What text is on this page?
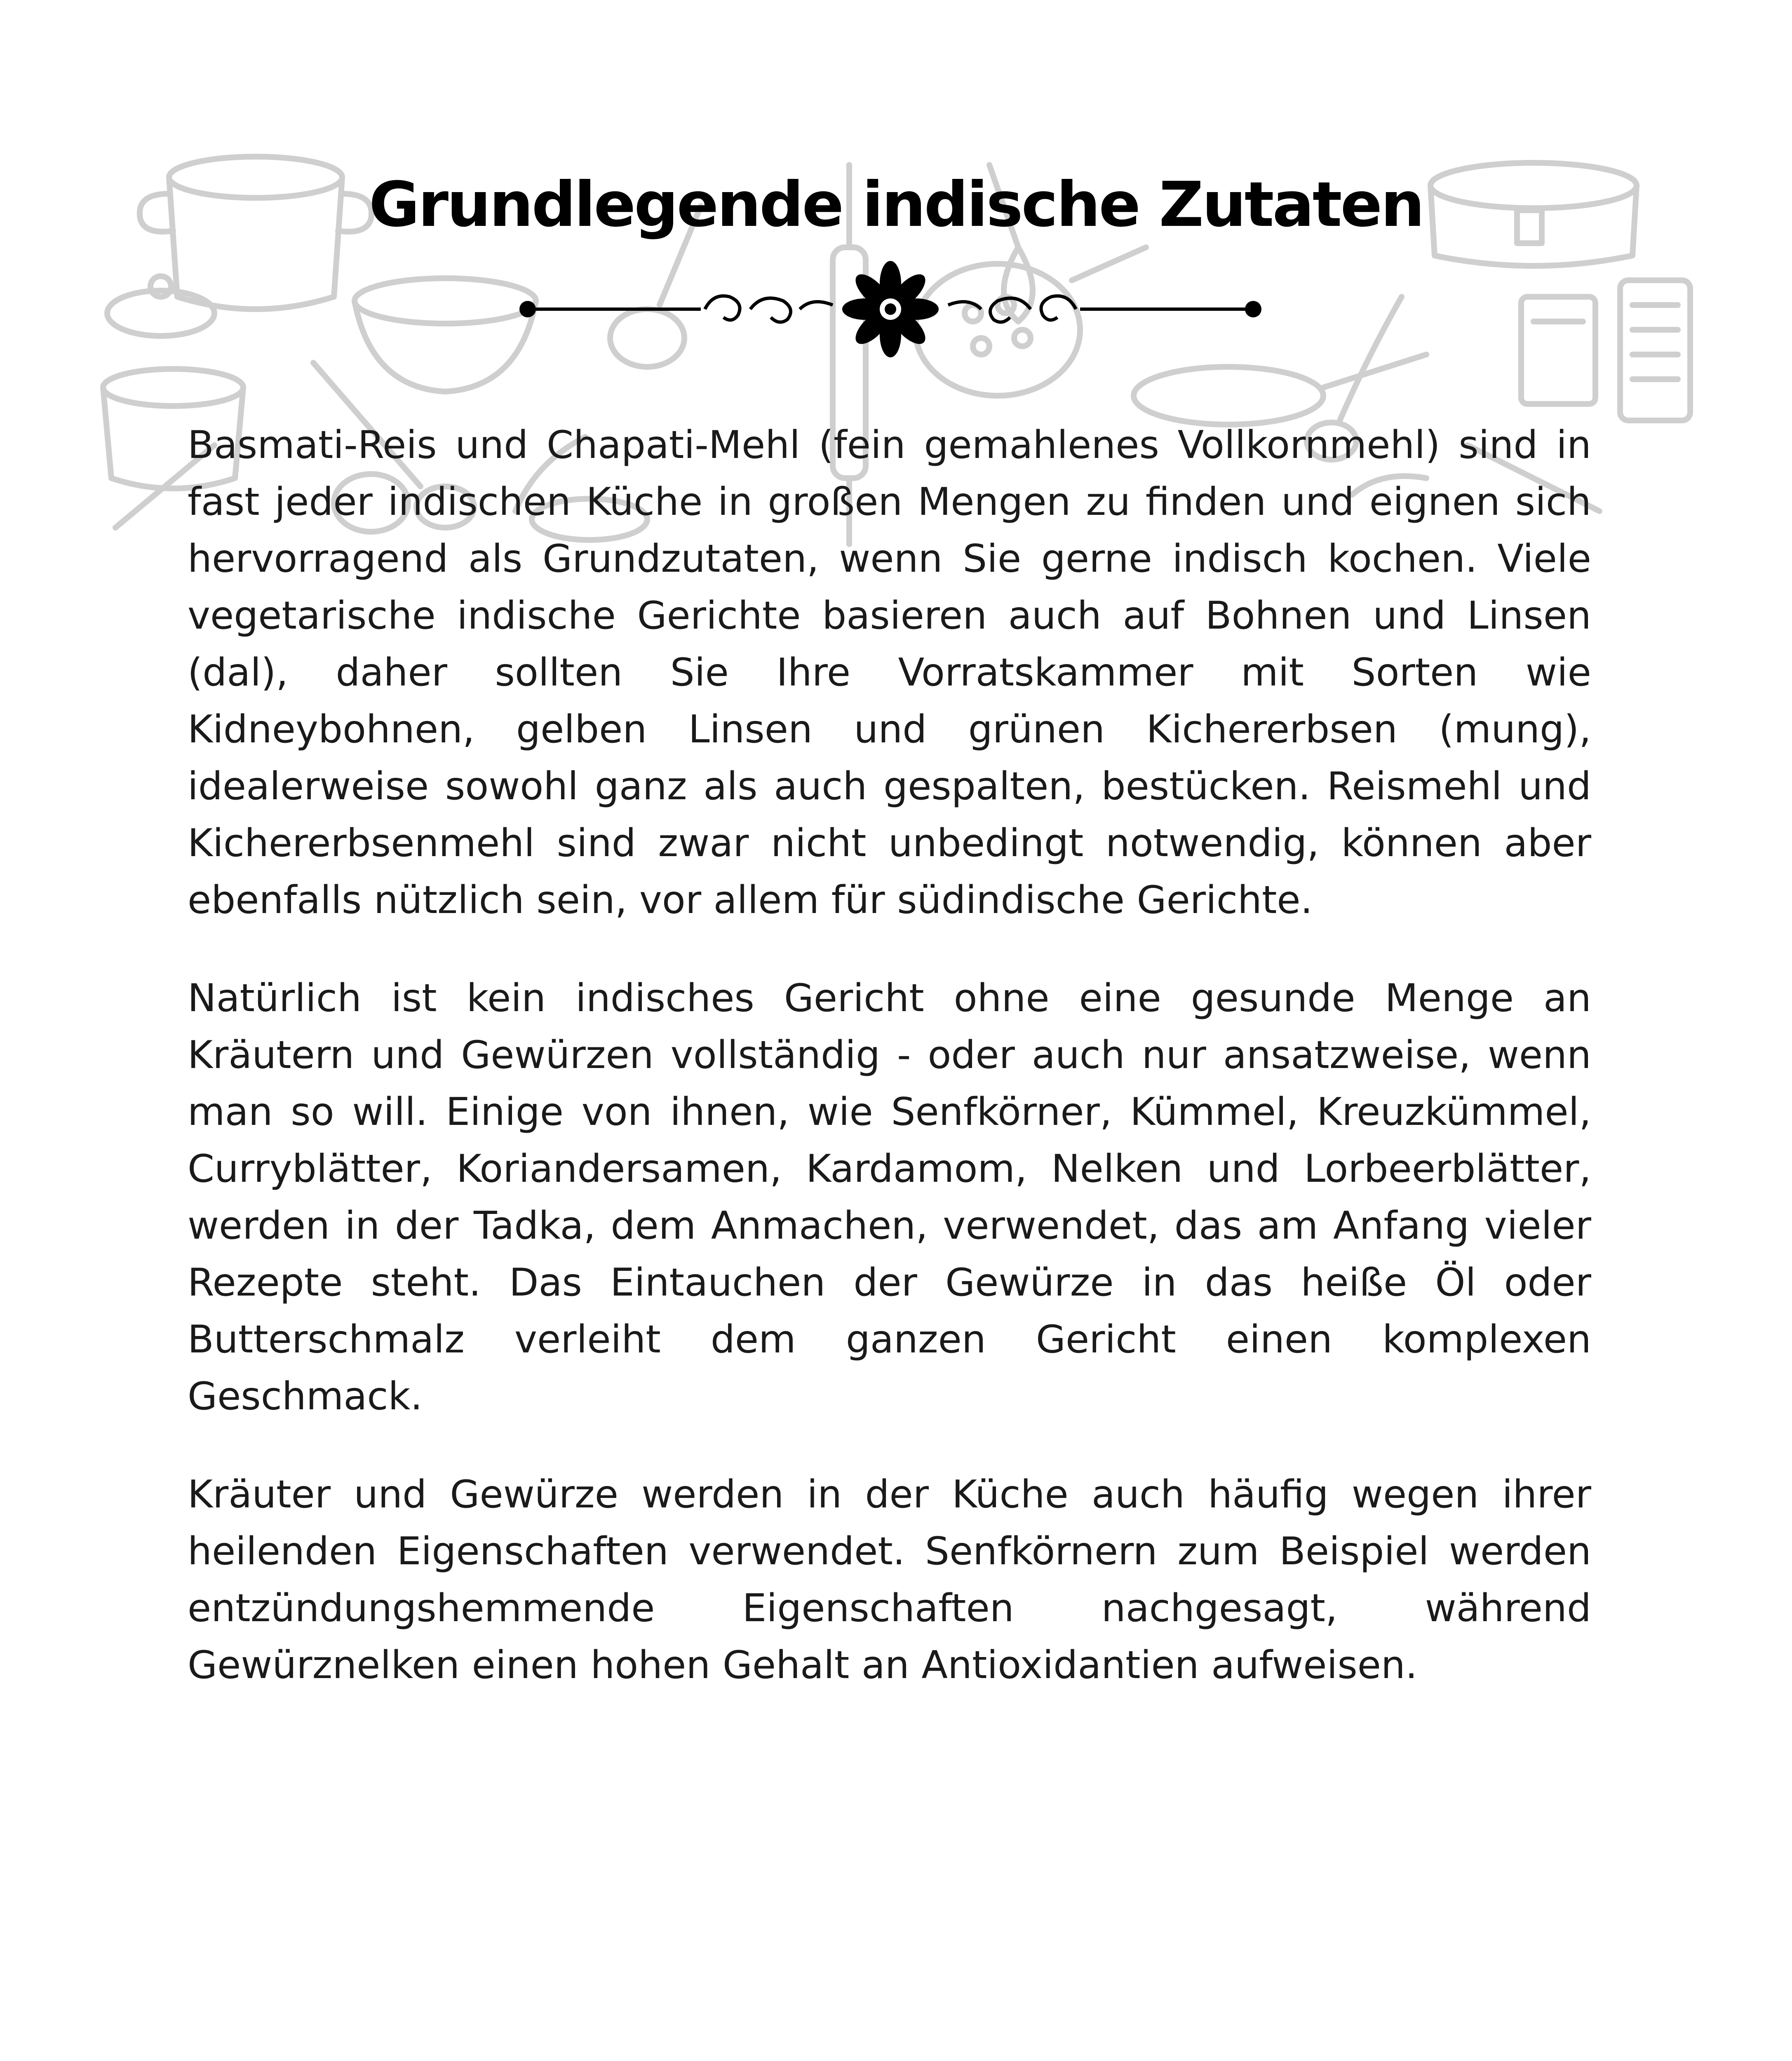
Grundlegende indische Zutaten

Basmati-Reis und Chapati-Mehl (fein gemahlenes Vollkornmehl) sind in fast jeder indischen Küche in großen Mengen zu finden und eignen sich hervorragend als Grundzutaten, wenn Sie gerne indisch kochen. Viele vegetarische indische Gerichte basieren auch auf Bohnen und Linsen (dal), daher sollten Sie Ihre Vorratskammer mit Sorten wie Kidneybohnen, gelben Linsen und grünen Kichererbsen (mung), idealerweise sowohl ganz als auch gespalten, bestücken. Reismehl und Kichererbsenmehl sind zwar nicht unbedingt notwendig, können aber ebenfalls nützlich sein, vor allem für südindische Gerichte.

Natürlich ist kein indisches Gericht ohne eine gesunde Menge an Kräutern und Gewürzen vollständig - oder auch nur ansatzweise, wenn man so will. Einige von ihnen, wie Senfkörner, Kümmel, Kreuzkümmel, Curryblätter, Koriandersamen, Kardamom, Nelken und Lorbeerblätter, werden in der Tadka, dem Anmachen, verwendet, das am Anfang vieler Rezepte steht. Das Eintauchen der Gewürze in das heiße Öl oder Butterschmalz verleiht dem ganzen Gericht einen komplexen Geschmack.

Kräuter und Gewürze werden in der Küche auch häufig wegen ihrer heilenden Eigenschaften verwendet. Senfkörnern zum Beispiel werden entzündungshemmende Eigenschaften nachgesagt, während Gewürznelken einen hohen Gehalt an Antioxidantien aufweisen.
